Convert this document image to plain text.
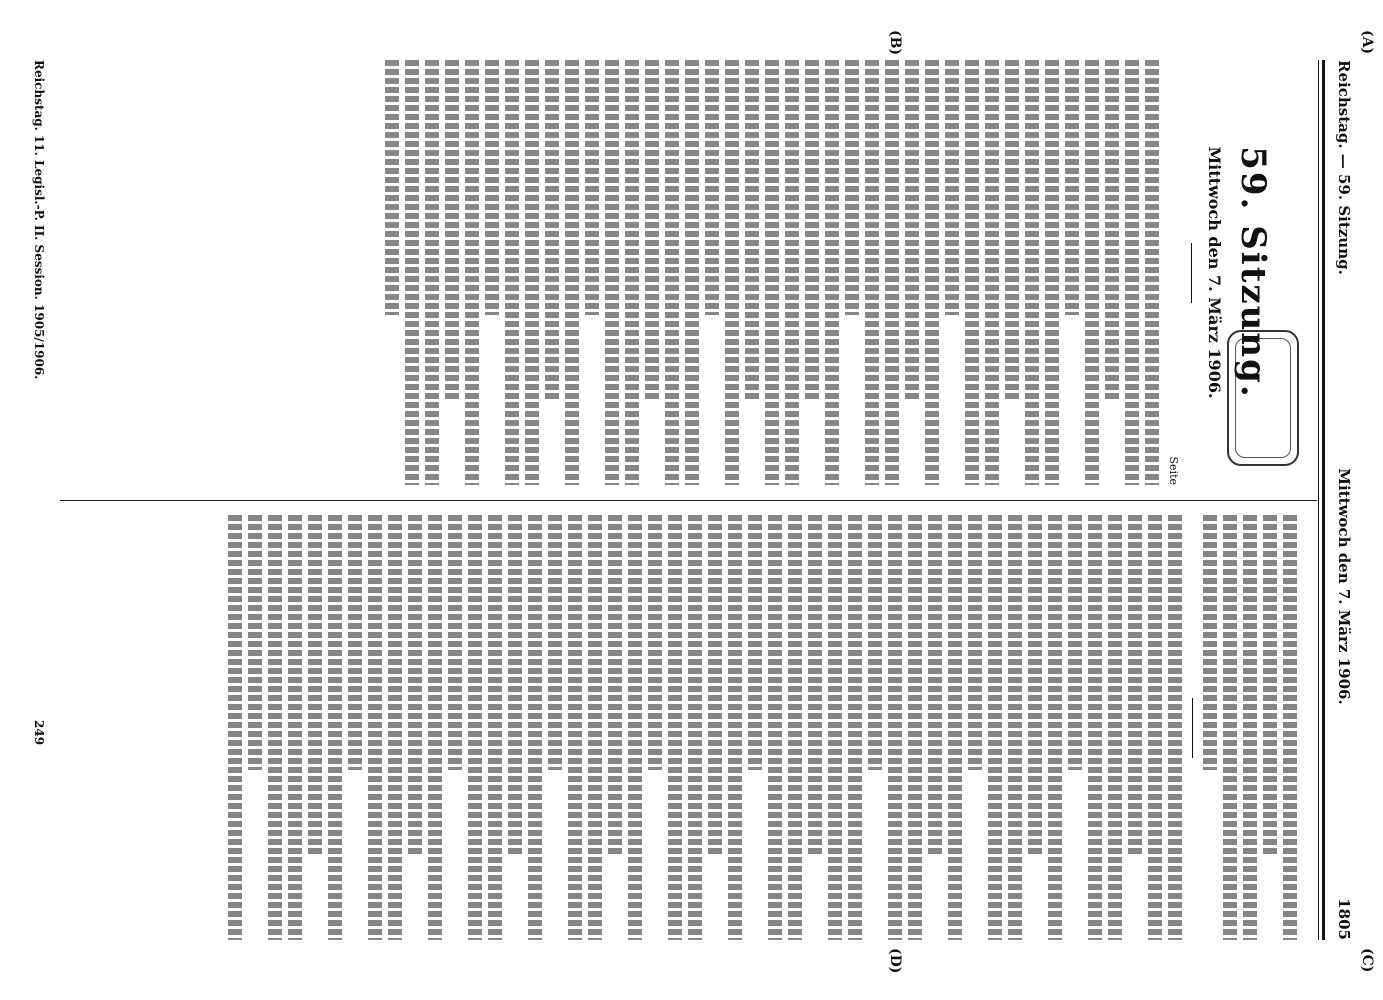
Reichstag. — 59. Sitzung.
Mittwoch den 7. März 1906.
1805
(A)
(B)
(C)
(D)
59. Sitzung.
Mittwoch den 7. März 1906.
Seite
Reichstag. 11. Legisl.-P. II. Session. 1905/1906.
249
